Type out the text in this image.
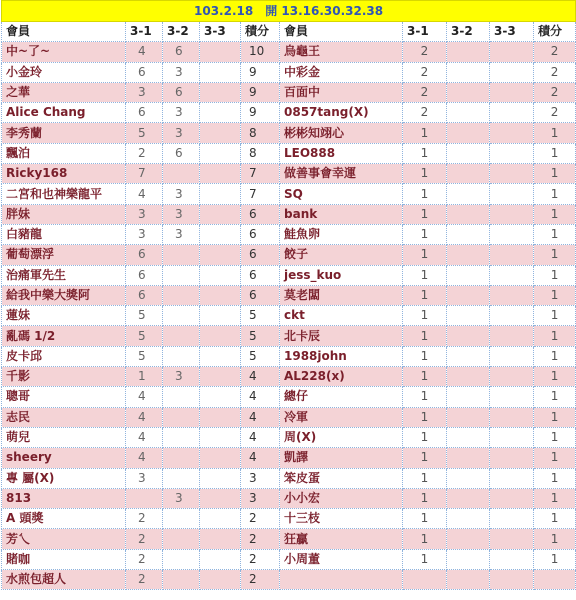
103.2.18　開 13.16.30.32.38									
會員	3-1	3-2	3-3	積分	會員	3-1	3-2	3-3	積分
中~了~	4	6		10	烏龜王	2			2
小金玲	6	3		9	中彩金	2			2
之華	3	6		9	百面中	2			2
Alice Chang	6	3		9	0857tang(X)	2			2
李秀蘭	5	3		8	彬彬知翊心	1			1
飄泊	2	6		8	LEO888	1			1
Ricky168	7			7	做善事會幸運	1			1
二宮和也神樂龍平	4	3		7	SQ	1			1
胖妹	3	3		6	bank	1			1
白豬龍	3	3		6	鮭魚卵	1			1
葡萄漂浮	6			6	餃子	1			1
治痛軍先生	6			6	jess_kuo	1			1
給我中樂大獎阿	6			6	莫老闆	1			1
蓮妹	5			5	ckt	1			1
亂碼 1/2	5			5	北卡辰	1			1
皮卡邱	5			5	1988john	1			1
千影	1	3		4	AL228(x)	1			1
聰哥	4			4	總仔	1			1
志民	4			4	冷軍	1			1
萌兒	4			4	周(X)	1			1
sheery	4			4	凱譯	1			1
專 屬(X)	3			3	笨皮蛋	1			1
813		3		3	小小宏	1			1
A 頭獎	2			2	十三枝	1			1
芳乀	2			2	狂贏	1			1
賭咖	2			2	小周董	1			1
水煎包超人	2			2					
